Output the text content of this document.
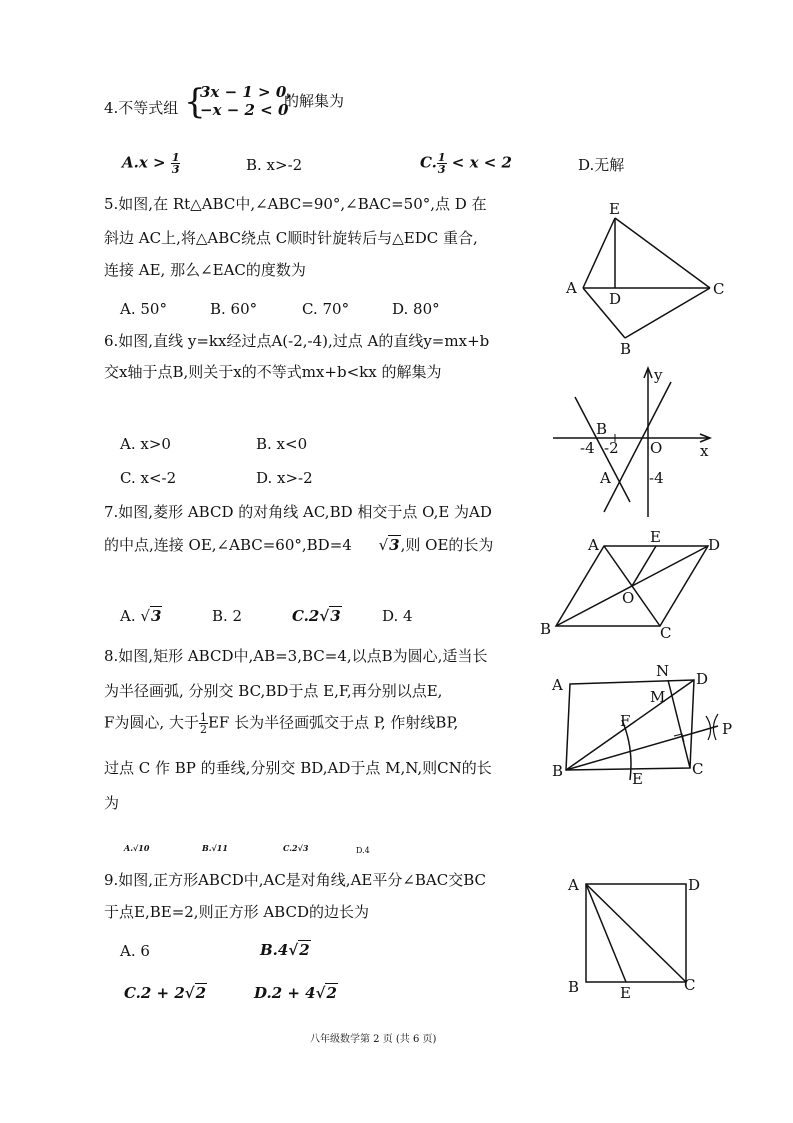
4.不等式组 {
3x − 1 > 0,
−x − 2 < 0
的解集为
$A.x > \frac{1}{3}$	B. x>-2	C. $\frac{1}{3} < x < 2$	D.无解
5.如图,在 Rt△ABC中,∠ABC=90°,∠BAC=50°,点 D 在
斜边 AC上,将△ABC绕点 C顺时针旋转后与△EDC 重合,
连接 AE, 那么∠EAC的度数为
A. 50°	B. 60°	C. 70°	D. 80°
E
A
D
C
B
6.如图,直线 y=kx经过点A(-2,-4),过点 A的直线y=mx+b
交x轴于点B,则关于x的不等式mx+b<kx 的解集为
A. x>0	B. x<0
C. x<-2	D. x>-2
y
x
B
-4 -2 O
A	-4
7.如图,菱形 ABCD 的对角线 AC,BD 相交于点 O,E 为AD
的中点,连接 OE,∠ABC=60°,BD=4 √3,则 OE的长为
A. √3	B. 2	C.2√3	D. 4
A	E	D
O
B	C
8.如图,矩形 ABCD中,AB=3,BC=4,以点B为圆心,适当长
为半径画弧, 分别交 BC,BD于点 E,F,再分别以点E,
F为圆心, 大于 $\frac{1}{2}$ EF 长为半径画弧交于点 P, 作射线BP,
过点 C 作 BP 的垂线,分别交 BD,AD于点 M,N,则CN的长
为
A.√10	B.√11	C.2√3	D.4
A
N D
M
F	P
B	E
C
9.如图,正方形ABCD中,AC是对角线,AE平分∠BAC交BC
于点E,BE=2,则正方形 ABCD的边长为
A. 6	B.4√2
C.2 + 2√2	D.2 + 4√2
A	D
B	E	C
八年级数学第 2 页 (共 6 页)
